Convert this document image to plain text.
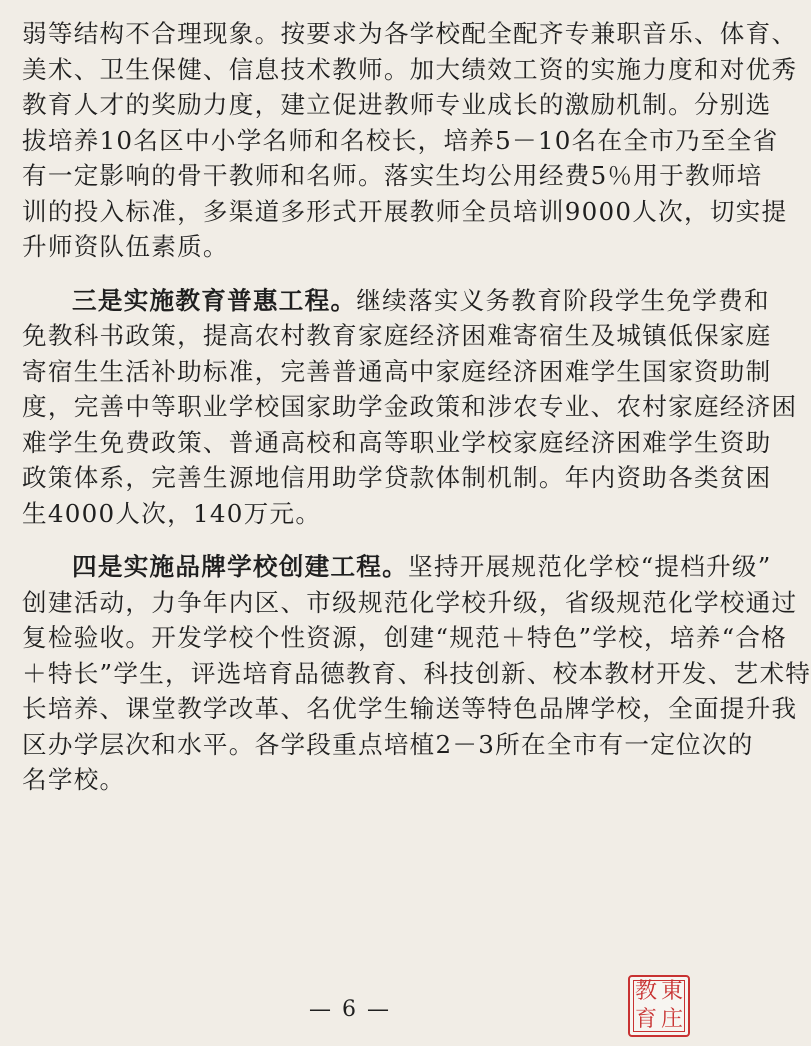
弱等结构不合理现象。按要求为各学校配全配齐专兼职音乐、体育、
美术、卫生保健、信息技术教师。加大绩效工资的实施力度和对优秀
教育人才的奖励力度，建立促进教师专业成长的激励机制。分别选
拔培养10名区中小学名师和名校长，培养5－10名在全市乃至全省
有一定影响的骨干教师和名师。落实生均公用经费5％用于教师培
训的投入标准，多渠道多形式开展教师全员培训9000人次，切实提
升师资队伍素质。
三是实施教育普惠工程。继续落实义务教育阶段学生免学费和
免教科书政策，提高农村教育家庭经济困难寄宿生及城镇低保家庭
寄宿生生活补助标准，完善普通高中家庭经济困难学生国家资助制
度，完善中等职业学校国家助学金政策和涉农专业、农村家庭经济困
难学生免费政策、普通高校和高等职业学校家庭经济困难学生资助
政策体系，完善生源地信用助学贷款体制机制。年内资助各类贫困
生4000人次，140万元。
四是实施品牌学校创建工程。坚持开展规范化学校“提档升级”
创建活动，力争年内区、市级规范化学校升级，省级规范化学校通过
复检验收。开发学校个性资源，创建“规范＋特色”学校，培养“合格
＋特长”学生，评选培育品德教育、科技创新、校本教材开发、艺术特
长培养、课堂教学改革、名优学生输送等特色品牌学校，全面提升我
区办学层次和水平。各学段重点培植2－3所在全市有一定位次的
名学校。
— 6 —
東
庄
教
育
